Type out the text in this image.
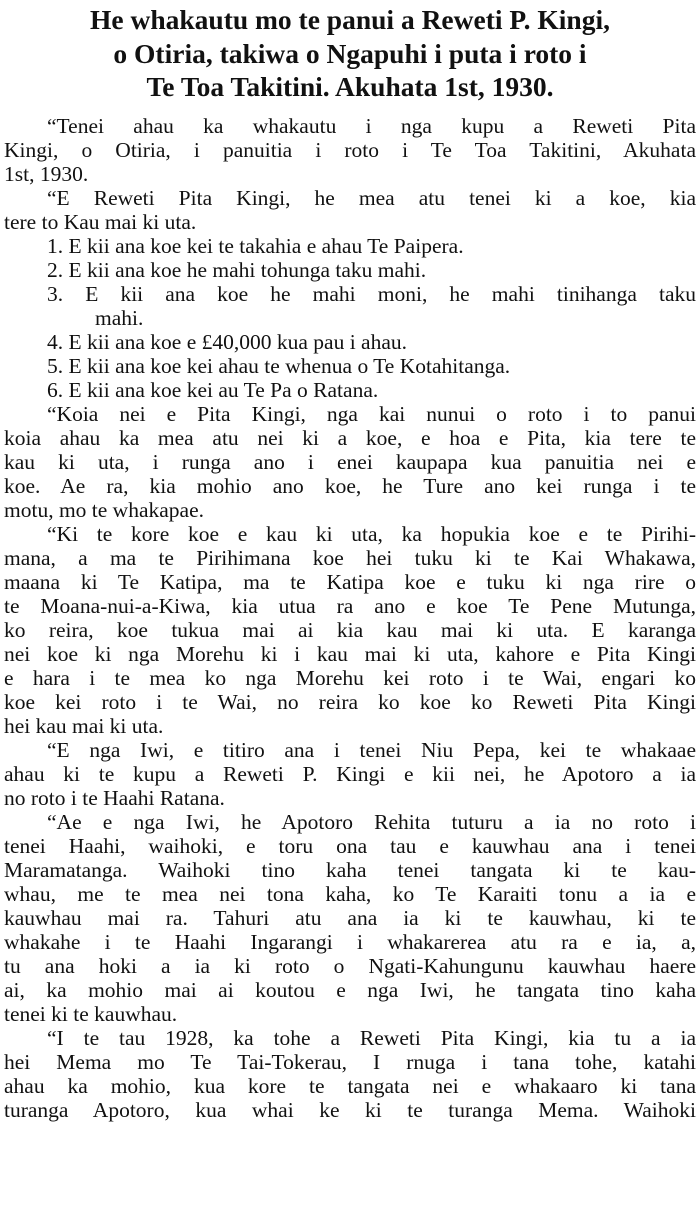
He whakautu mo te panui a Reweti P. Kingi,
o Otiria, takiwa o Ngapuhi i puta i roto i
Te Toa Takitini. Akuhata 1st, 1930.
“Tenei ahau ka whakautu i nga kupu a Reweti Pita
Kingi, o Otiria, i panuitia i roto i Te Toa Takitini, Akuhata
1st, 1930.
“E Reweti Pita Kingi, he mea atu tenei ki a koe, kia
tere to Kau mai ki uta.
1. E kii ana koe kei te takahia e ahau Te Paipera.
2. E kii ana koe he mahi tohunga taku mahi.
3. E kii ana koe he mahi moni, he mahi tinihanga taku
mahi.
4. E kii ana koe e £40,000 kua pau i ahau.
5. E kii ana koe kei ahau te whenua o Te Kotahitanga.
6. E kii ana koe kei au Te Pa o Ratana.
“Koia nei e Pita Kingi, nga kai nunui o roto i to panui
koia ahau ka mea atu nei ki a koe, e hoa e Pita, kia tere te
kau ki uta, i runga ano i enei kaupapa kua panuitia nei e
koe. Ae ra, kia mohio ano koe, he Ture ano kei runga i te
motu, mo te whakapae.
“Ki te kore koe e kau ki uta, ka hopukia koe e te Pirihi-
mana, a ma te Pirihimana koe hei tuku ki te Kai Whakawa,
maana ki Te Katipa, ma te Katipa koe e tuku ki nga rire o
te Moana-nui-a-Kiwa, kia utua ra ano e koe Te Pene Mutunga,
ko reira, koe tukua mai ai kia kau mai ki uta. E karanga
nei koe ki nga Morehu ki i kau mai ki uta, kahore e Pita Kingi
e hara i te mea ko nga Morehu kei roto i te Wai, engari ko
koe kei roto i te Wai, no reira ko koe ko Reweti Pita Kingi
hei kau mai ki uta.
“E nga Iwi, e titiro ana i tenei Niu Pepa, kei te whakaae
ahau ki te kupu a Reweti P. Kingi e kii nei, he Apotoro a ia
no roto i te Haahi Ratana.
“Ae e nga Iwi, he Apotoro Rehita tuturu a ia no roto i
tenei Haahi, waihoki, e toru ona tau e kauwhau ana i tenei
Maramatanga. Waihoki tino kaha tenei tangata ki te kau-
whau, me te mea nei tona kaha, ko Te Karaiti tonu a ia e
kauwhau mai ra. Tahuri atu ana ia ki te kauwhau, ki te
whakahe i te Haahi Ingarangi i whakarerea atu ra e ia, a,
tu ana hoki a ia ki roto o Ngati-Kahungunu kauwhau haere
ai, ka mohio mai ai koutou e nga Iwi, he tangata tino kaha
tenei ki te kauwhau.
“I te tau 1928, ka tohe a Reweti Pita Kingi, kia tu a ia
hei Mema mo Te Tai-Tokerau, I rnuga i tana tohe, katahi
ahau ka mohio, kua kore te tangata nei e whakaaro ki tana
turanga Apotoro, kua whai ke ki te turanga Mema. Waihoki
